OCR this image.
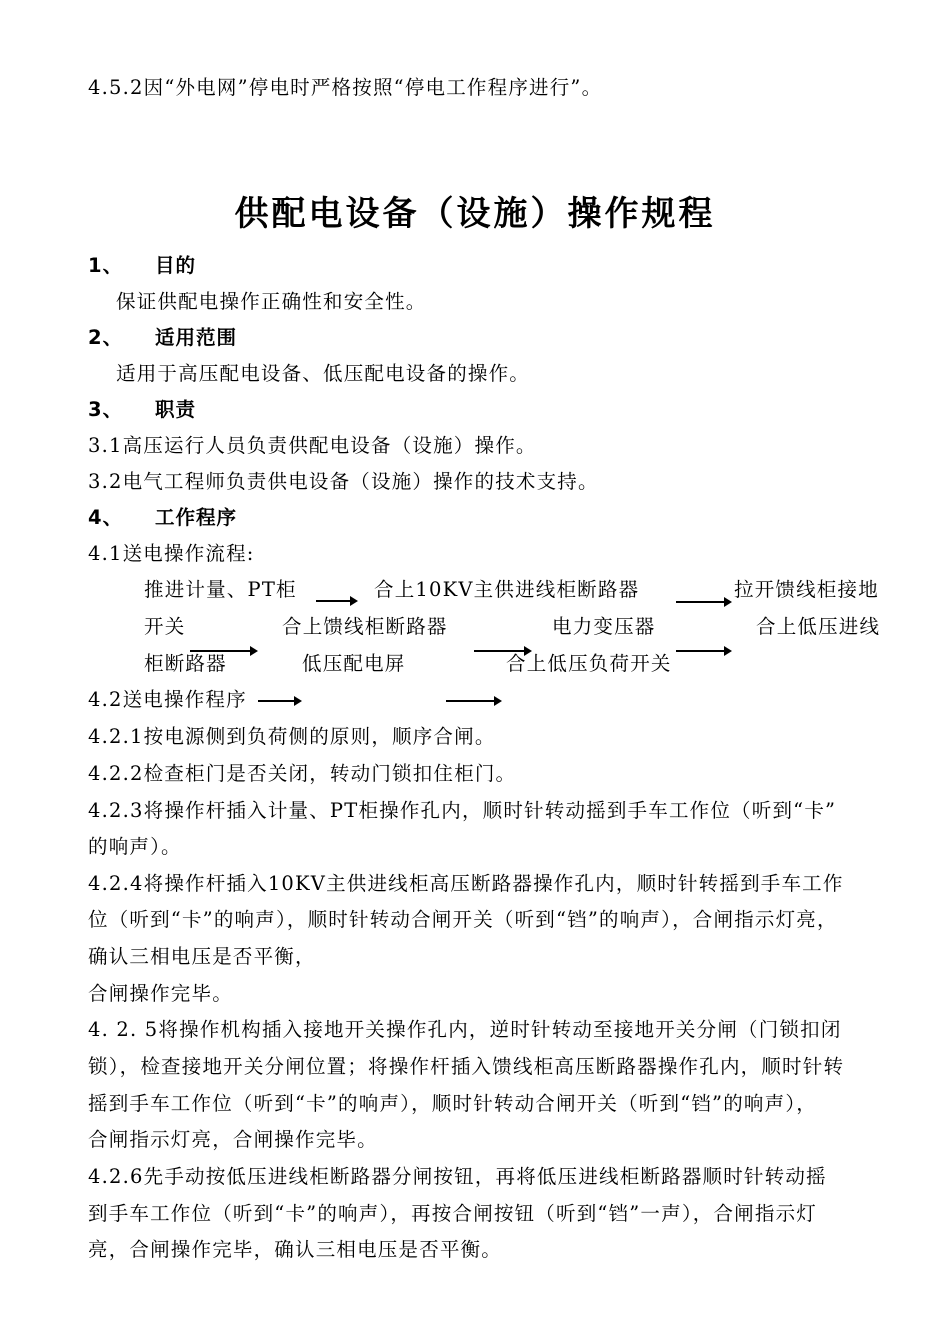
4.5.2因“外电网”停电时严格按照“停电工作程序进行”。

供配电设备（设施）操作规程
1、 目的

保证供配电操作正确性和安全性。

2、 适用范围

适用于高压配电设备、低压配电设备的操作。

3、 职责

3.1高压运行人员负责供配电设备（设施）操作。

3.2电气工程师负责供电设备（设施）操作的技术支持。

4、 工作程序

4.1送电操作流程:

推进计量、PT柜	合上10KV主供进线柜断路器	拉开馈线柜接地
开关	合上馈线柜断路器	电力变压器	合上低压进线
柜断路器	低压配电屏	合上低压负荷开关

4.2送电操作程序

4.2.1按电源侧到负荷侧的原则，顺序合闸。

4.2.2检查柜门是否关闭，转动门锁扣住柜门。

4.2.3将操作杆插入计量、PT柜操作孔内，顺时针转动摇到手车工作位（听到“卡”

的响声）。

4.2.4将操作杆插入10KV主供进线柜高压断路器操作孔内，顺时针转摇到手车工作

位（听到“卡”的响声），顺时针转动合闸开关（听到“铛”的响声），合闸指示灯亮，

确认三相电压是否平衡，

合闸操作完毕。

4. 2. 5将操作机构插入接地开关操作孔内，逆时针转动至接地开关分闸（门锁扣闭

锁），检查接地开关分闸位置；将操作杆插入馈线柜高压断路器操作孔内，顺时针转

摇到手车工作位（听到“卡”的响声），顺时针转动合闸开关（听到“铛”的响声），

合闸指示灯亮，合闸操作完毕。

4.2.6先手动按低压进线柜断路器分闸按钮，再将低压进线柜断路器顺时针转动摇

到手车工作位（听到“卡”的响声），再按合闸按钮（听到“铛”一声），合闸指示灯

亮，合闸操作完毕，确认三相电压是否平衡。
